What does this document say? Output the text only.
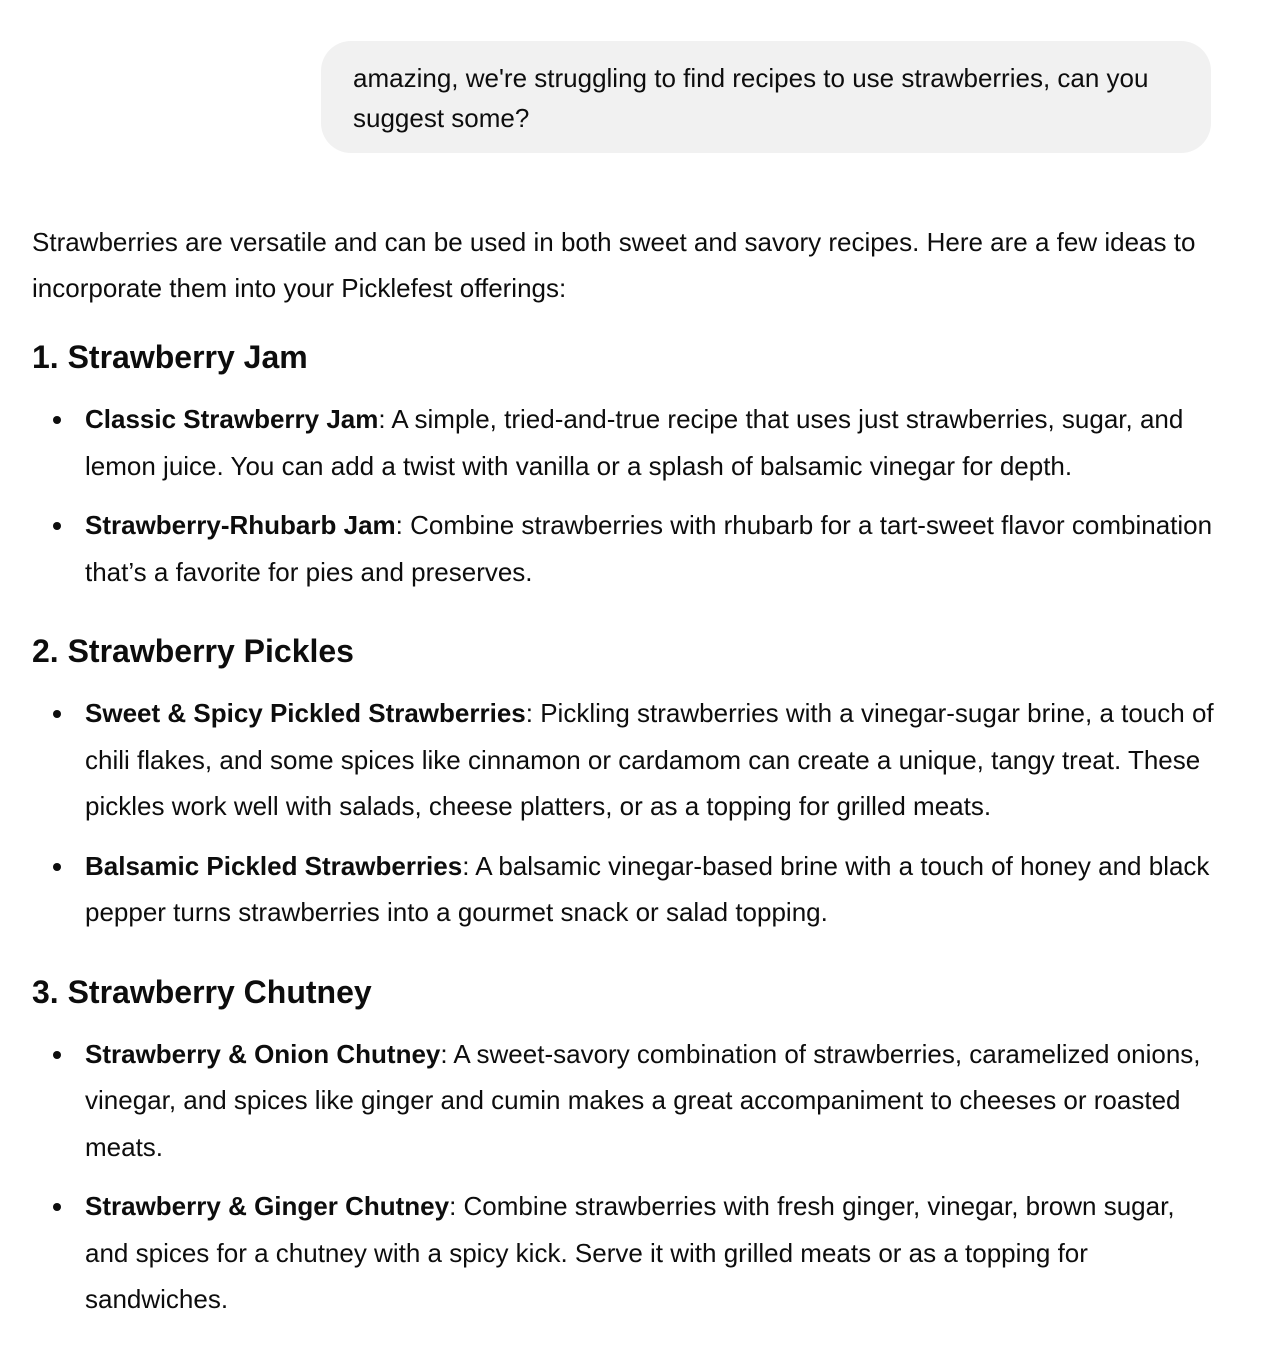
amazing, we're struggling to find recipes to use strawberries, can you suggest some?

Strawberries are versatile and can be used in both sweet and savory recipes. Here are a few ideas to incorporate them into your Picklefest offerings:

1. Strawberry Jam
Classic Strawberry Jam: A simple, tried-and-true recipe that uses just strawberries, sugar, and lemon juice. You can add a twist with vanilla or a splash of balsamic vinegar for depth.
Strawberry-Rhubarb Jam: Combine strawberries with rhubarb for a tart-sweet flavor combination that’s a favorite for pies and preserves.
2. Strawberry Pickles
Sweet & Spicy Pickled Strawberries: Pickling strawberries with a vinegar-sugar brine, a touch of chili flakes, and some spices like cinnamon or cardamom can create a unique, tangy treat. These pickles work well with salads, cheese platters, or as a topping for grilled meats.
Balsamic Pickled Strawberries: A balsamic vinegar-based brine with a touch of honey and black pepper turns strawberries into a gourmet snack or salad topping.
3. Strawberry Chutney
Strawberry & Onion Chutney: A sweet-savory combination of strawberries, caramelized onions, vinegar, and spices like ginger and cumin makes a great accompaniment to cheeses or roasted meats.
Strawberry & Ginger Chutney: Combine strawberries with fresh ginger, vinegar, brown sugar, and spices for a chutney with a spicy kick. Serve it with grilled meats or as a topping for sandwiches.
